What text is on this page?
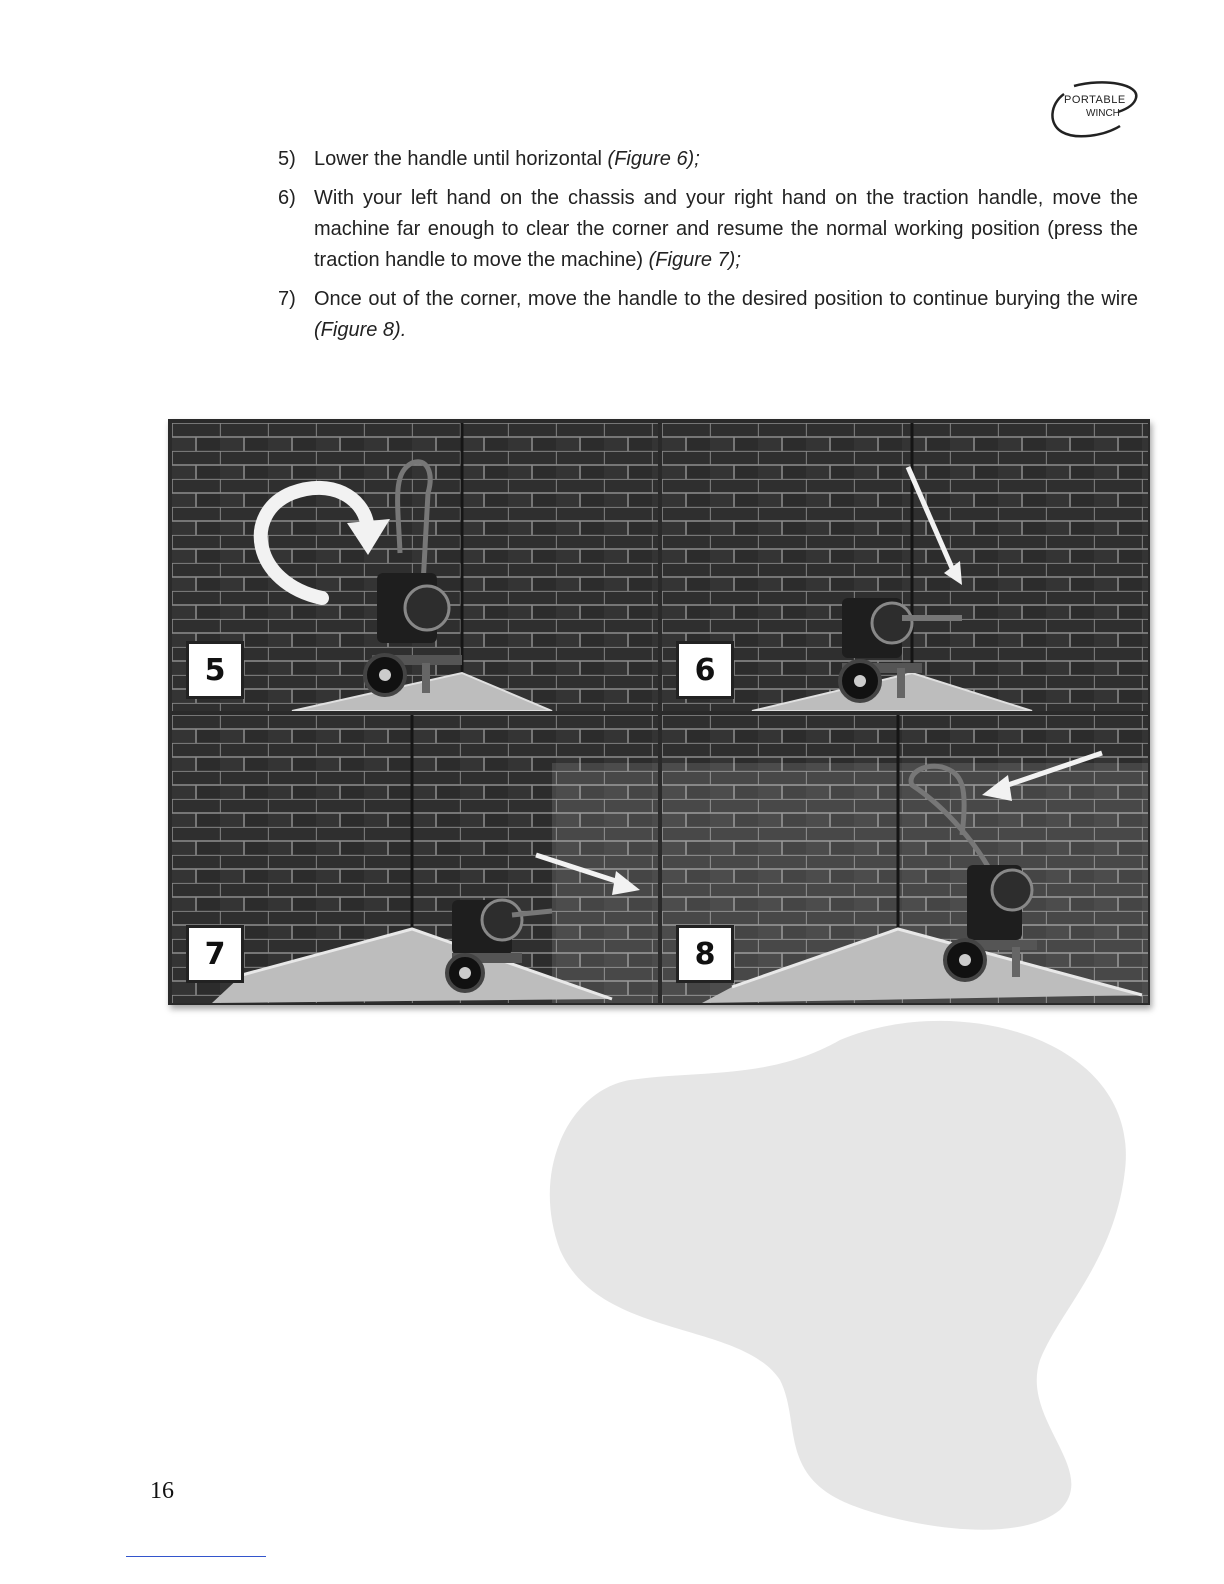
PORTABLE
WINCH
5) Lower the handle until horizontal (Figure 6);
6) With your left hand on the chassis and your right hand on the traction handle, move the machine far enough to clear the corner and resume the normal working position (press the traction handle to move the machine) (Figure 7);
7) Once out of the corner, move the handle to the desired position to continue burying the wire (Figure 8).
5	6
7	8
16
